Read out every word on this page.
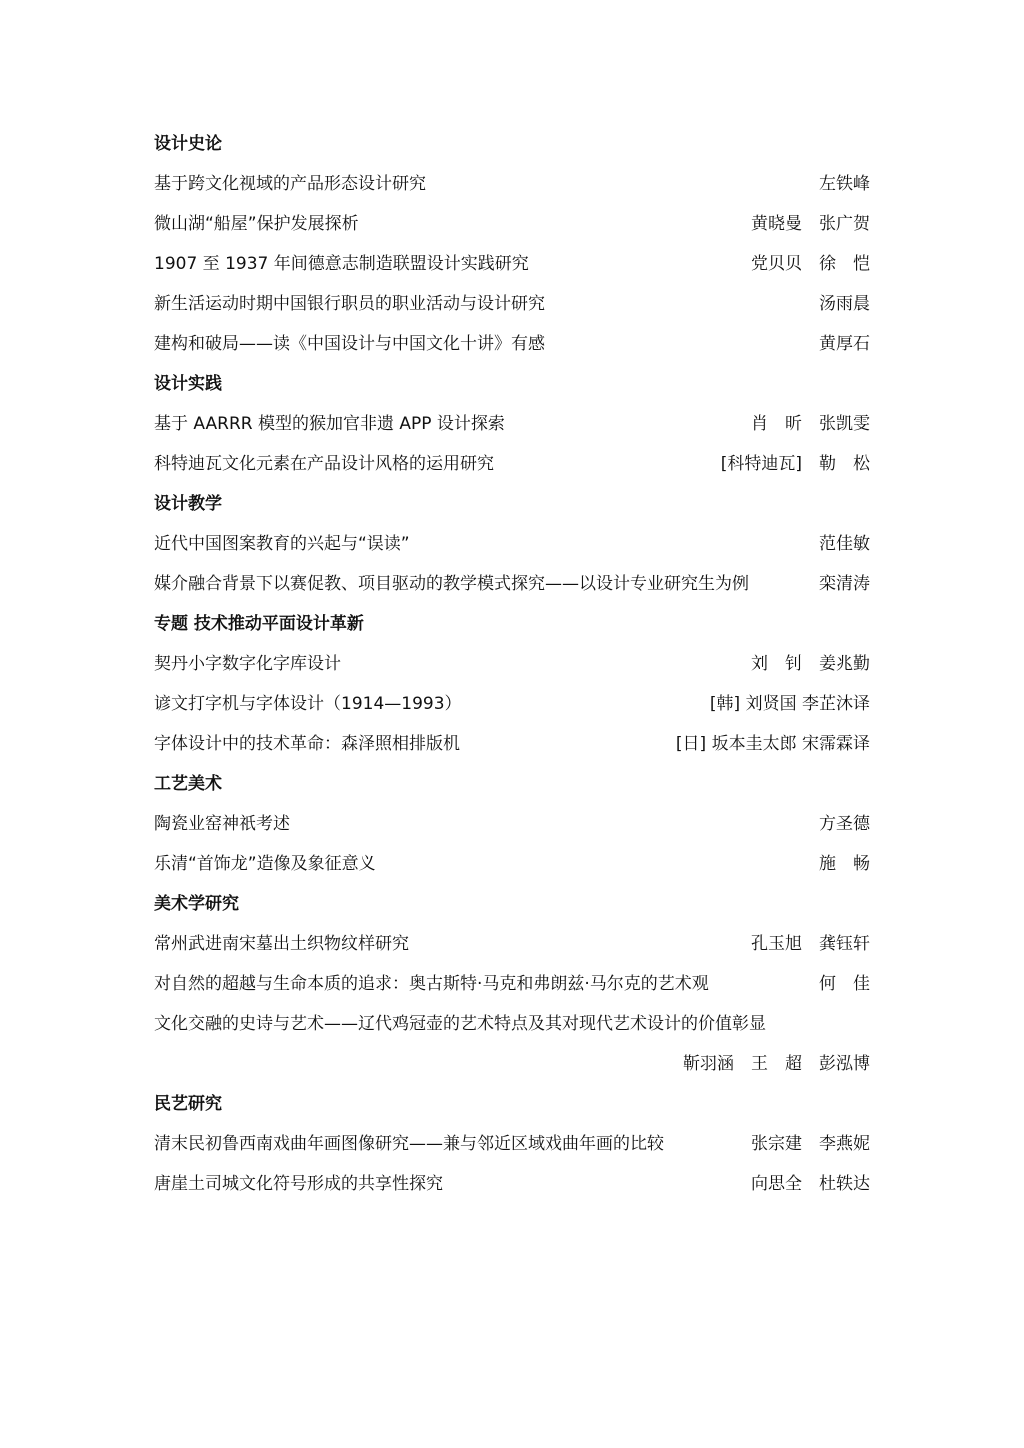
设计史论
基于跨文化视域的产品形态设计研究	左铁峰
微山湖“船屋”保护发展探析	黄晓曼　张广贺
1907 至 1937 年间德意志制造联盟设计实践研究	党贝贝　徐　恺
新生活运动时期中国银行职员的职业活动与设计研究	汤雨晨
建构和破局——读《中国设计与中国文化十讲》有感	黄厚石
设计实践
基于 AARRR 模型的猴加官非遗 APP 设计探索	肖　昕　张凯雯
科特迪瓦文化元素在产品设计风格的运用研究	[科特迪瓦]　勒　松
设计教学
近代中国图案教育的兴起与“误读”	范佳敏
媒介融合背景下以赛促教、项目驱动的教学模式探究——以设计专业研究生为例	栾清涛
专题 技术推动平面设计革新
契丹小字数字化字库设计	刘　钊　姜兆勤
谚文打字机与字体设计（1914—1993）	[韩] 刘贤国 李芷沐译
字体设计中的技术革命：森泽照相排版机	[日] 坂本圭太郎 宋霈霖译
工艺美术
陶瓷业窑神祇考述	方圣德
乐清“首饰龙”造像及象征意义	施　畅
美术学研究
常州武进南宋墓出土织物纹样研究	孔玉旭　龚钰轩
对自然的超越与生命本质的追求：奥古斯特·马克和弗朗兹·马尔克的艺术观	何　佳
文化交融的史诗与艺术——辽代鸡冠壶的艺术特点及其对现代艺术设计的价值彰显
靳羽涵　王　超　彭泓博
民艺研究
清末民初鲁西南戏曲年画图像研究——兼与邻近区域戏曲年画的比较	张宗建　李燕妮
唐崖土司城文化符号形成的共享性探究	向思全　杜轶达
